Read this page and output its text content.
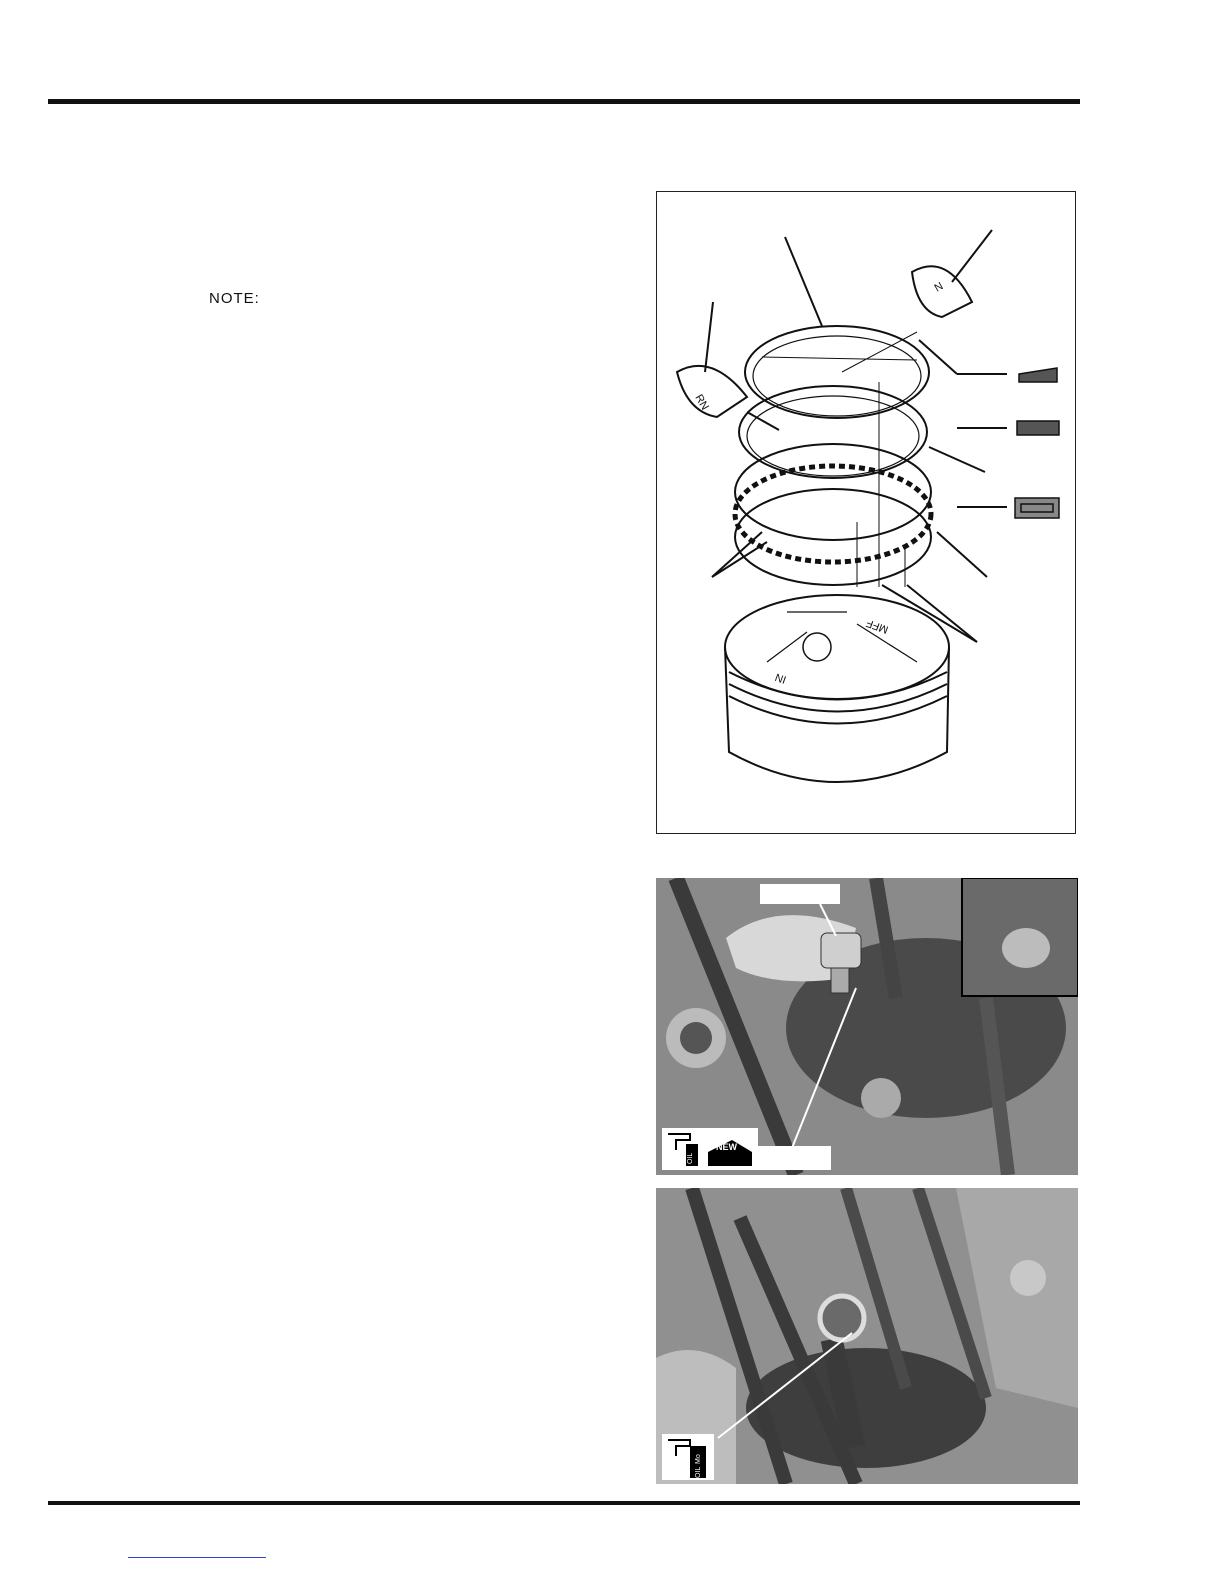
NOTE:
N
RN
MFF
IN
OIL
NEW
Mo
OIL
